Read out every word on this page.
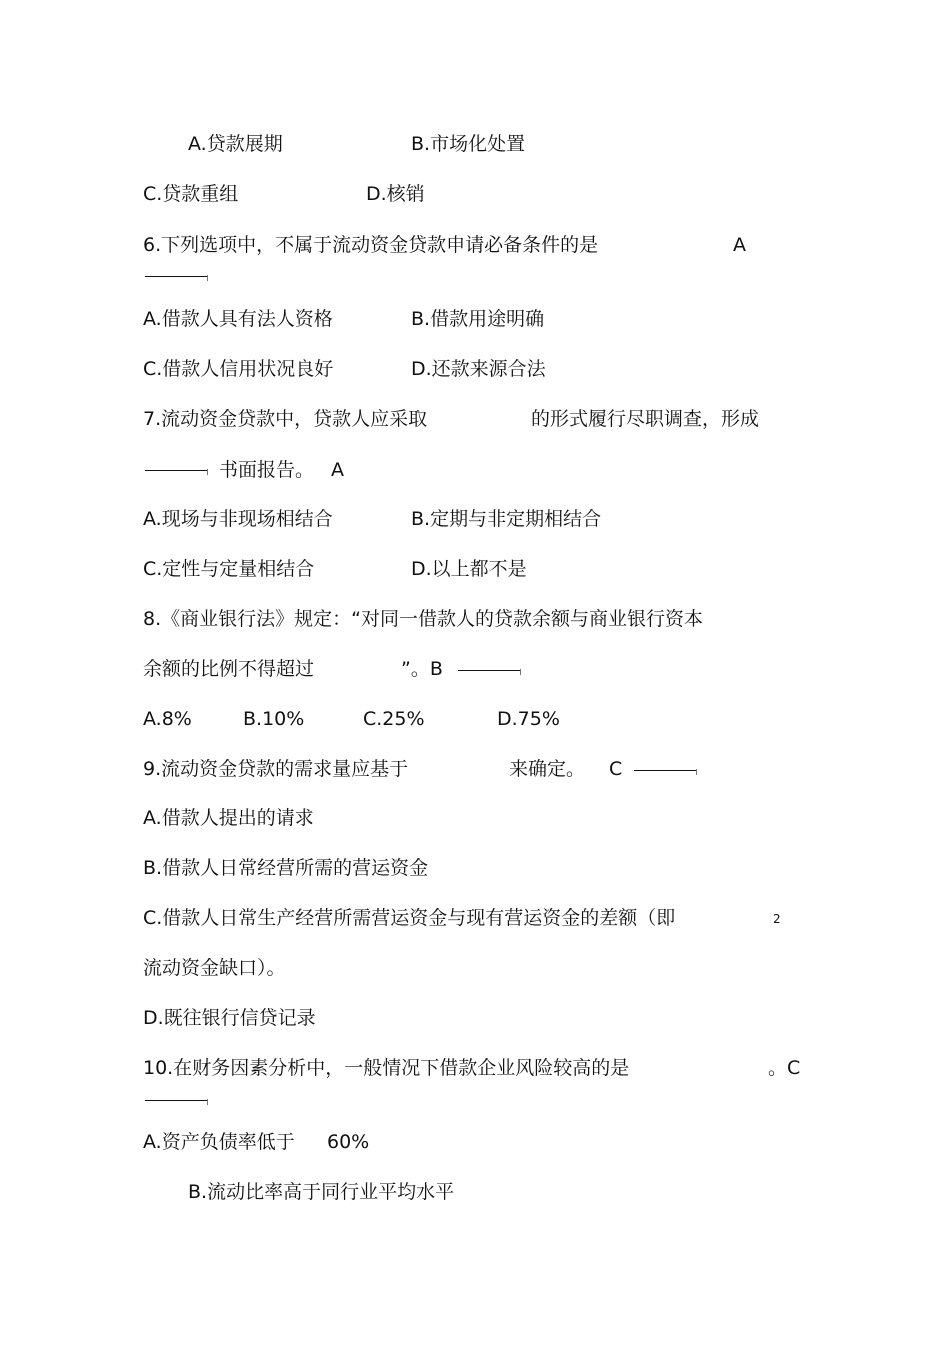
A.贷款展期	B.市场化处置
C.贷款重组	D.核销
6.下列选项中，不属于流动资金贷款申请必备条件的是	A
A.借款人具有法人资格	B.借款用途明确
C.借款人信用状况良好	D.还款来源合法
7.流动资金贷款中，贷款人应采取	的形式履行尽职调查，形成
书面报告。 A
A.现场与非现场相结合	B.定期与非定期相结合
C.定性与定量相结合	D.以上都不是
8.《商业银行法》规定：“对同一借款人的贷款余额与商业银行资本
余额的比例不得超过	”。B
A.8%	B.10%	C.25%	D.75%
9.流动资金贷款的需求量应基于	来确定。 C
A.借款人提出的请求
B.借款人日常经营所需的营运资金
C.借款人日常生产经营所需营运资金与现有营运资金的差额（即	2
流动资金缺口）。
D.既往银行信贷记录
10.在财务因素分析中，一般情况下借款企业风险较高的是	。C
A.资产负债率低于 60%
B.流动比率高于同行业平均水平
